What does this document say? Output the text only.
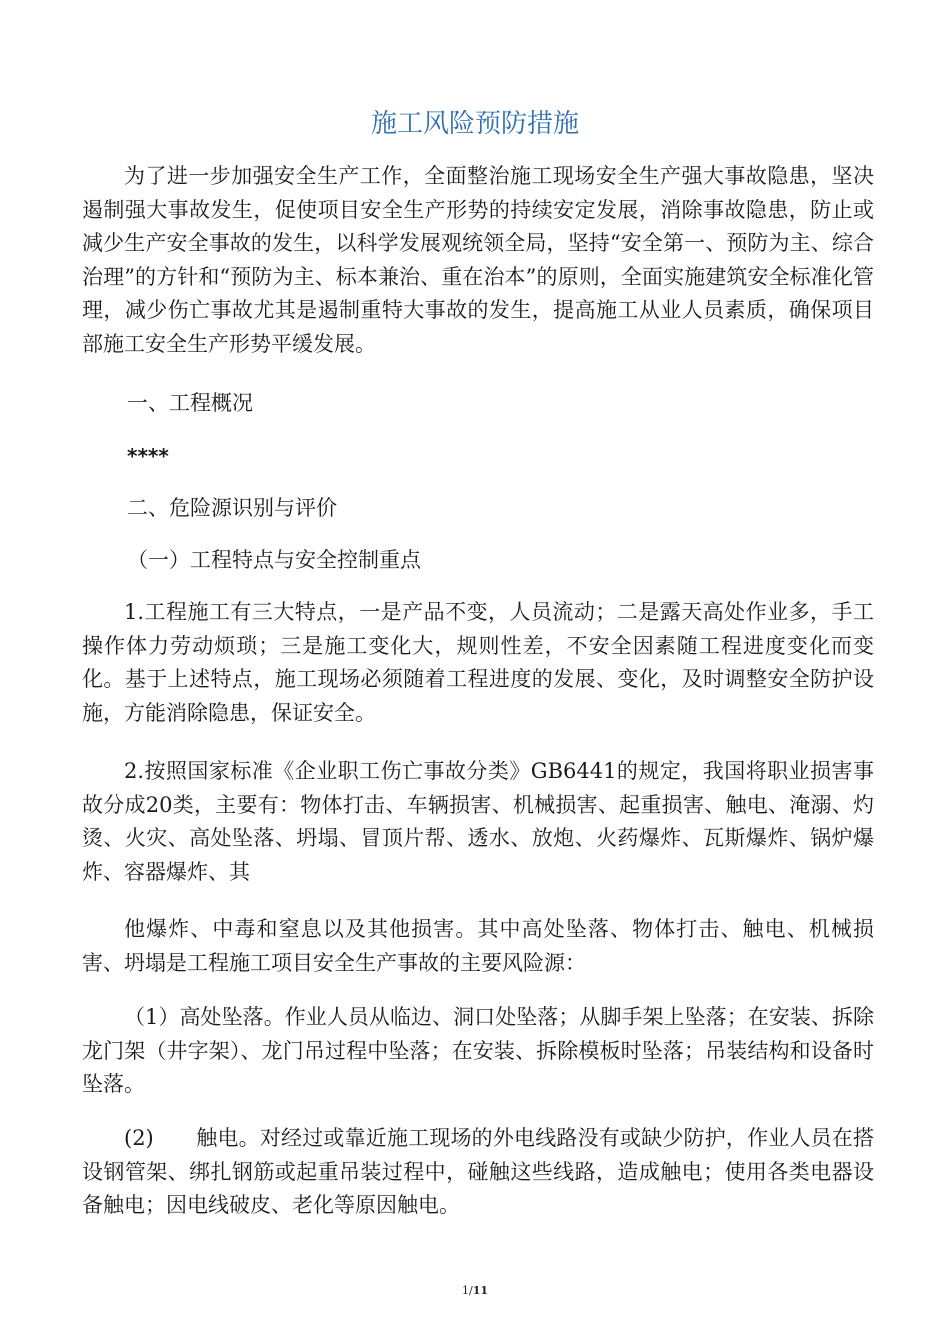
施工风险预防措施

为了进一步加强安全生产工作，全面整治施工现场安全生产强大事故隐患，坚决遏制强大事故发生，促使项目安全生产形势的持续安定发展，消除事故隐患，防止或减少生产安全事故的发生，以科学发展观统领全局，坚持“安全第一、预防为主、综合治理”的方针和“预防为主、标本兼治、重在治本”的原则，全面实施建筑安全标准化管理，减少伤亡事故尤其是遏制重特大事故的发生，提高施工从业人员素质，确保项目部施工安全生产形势平缓发展。

一、工程概况

****

二、危险源识别与评价

（一）工程特点与安全控制重点

1.工程施工有三大特点，一是产品不变，人员流动；二是露天高处作业多，手工操作体力劳动烦琐；三是施工变化大，规则性差，不安全因素随工程进度变化而变化。基于上述特点，施工现场必须随着工程进度的发展、变化，及时调整安全防护设施，方能消除隐患，保证安全。

2.按照国家标准《企业职工伤亡事故分类》GB6441的规定，我国将职业损害事故分成20类，主要有：物体打击、车辆损害、机械损害、起重损害、触电、淹溺、灼烫、火灾、高处坠落、坍塌、冒顶片帮、透水、放炮、火药爆炸、瓦斯爆炸、锅炉爆炸、容器爆炸、其

他爆炸、中毒和窒息以及其他损害。其中高处坠落、物体打击、触电、机械损害、坍塌是工程施工项目安全生产事故的主要风险源：

（1）高处坠落。作业人员从临边、洞口处坠落；从脚手架上坠落；在安装、拆除龙门架（井字架）、龙门吊过程中坠落；在安装、拆除模板时坠落；吊装结构和设备时坠落。

(2)　　触电。对经过或靠近施工现场的外电线路没有或缺少防护，作业人员在搭设钢管架、绑扎钢筋或起重吊装过程中，碰触这些线路，造成触电；使用各类电器设备触电；因电线破皮、老化等原因触电。

1/11
